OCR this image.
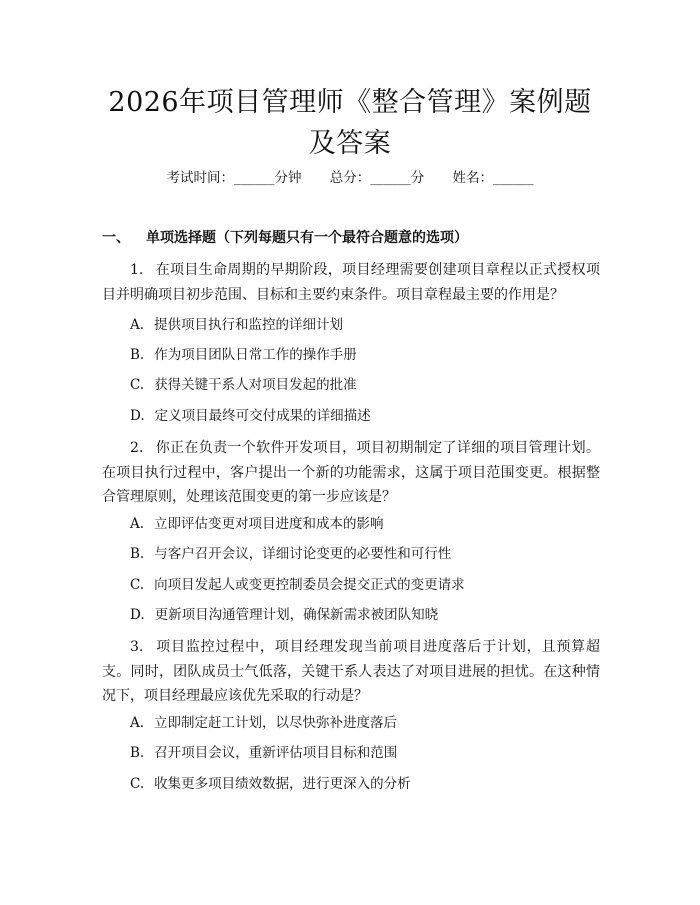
2026年项目管理师《整合管理》案例题及答案
考试时间：______分钟 总分：______分 姓名：______
一、 单项选择题（下列每题只有一个最符合题意的选项）
1. 在项目生命周期的早期阶段，项目经理需要创建项目章程以正式授权项目并明确项目初步范围、目标和主要约束条件。项目章程最主要的作用是？
A. 提供项目执行和监控的详细计划
B. 作为项目团队日常工作的操作手册
C. 获得关键干系人对项目发起的批准
D. 定义项目最终可交付成果的详细描述
2. 你正在负责一个软件开发项目，项目初期制定了详细的项目管理计划。在项目执行过程中，客户提出一个新的功能需求，这属于项目范围变更。根据整合管理原则，处理该范围变更的第一步应该是？
A. 立即评估变更对项目进度和成本的影响
B. 与客户召开会议，详细讨论变更的必要性和可行性
C. 向项目发起人或变更控制委员会提交正式的变更请求
D. 更新项目沟通管理计划，确保新需求被团队知晓
3. 项目监控过程中，项目经理发现当前项目进度落后于计划，且预算超支。同时，团队成员士气低落，关键干系人表达了对项目进展的担忧。在这种情况下，项目经理最应该优先采取的行动是？
A. 立即制定赶工计划，以尽快弥补进度落后
B. 召开项目会议，重新评估项目目标和范围
C. 收集更多项目绩效数据，进行更深入的分析
